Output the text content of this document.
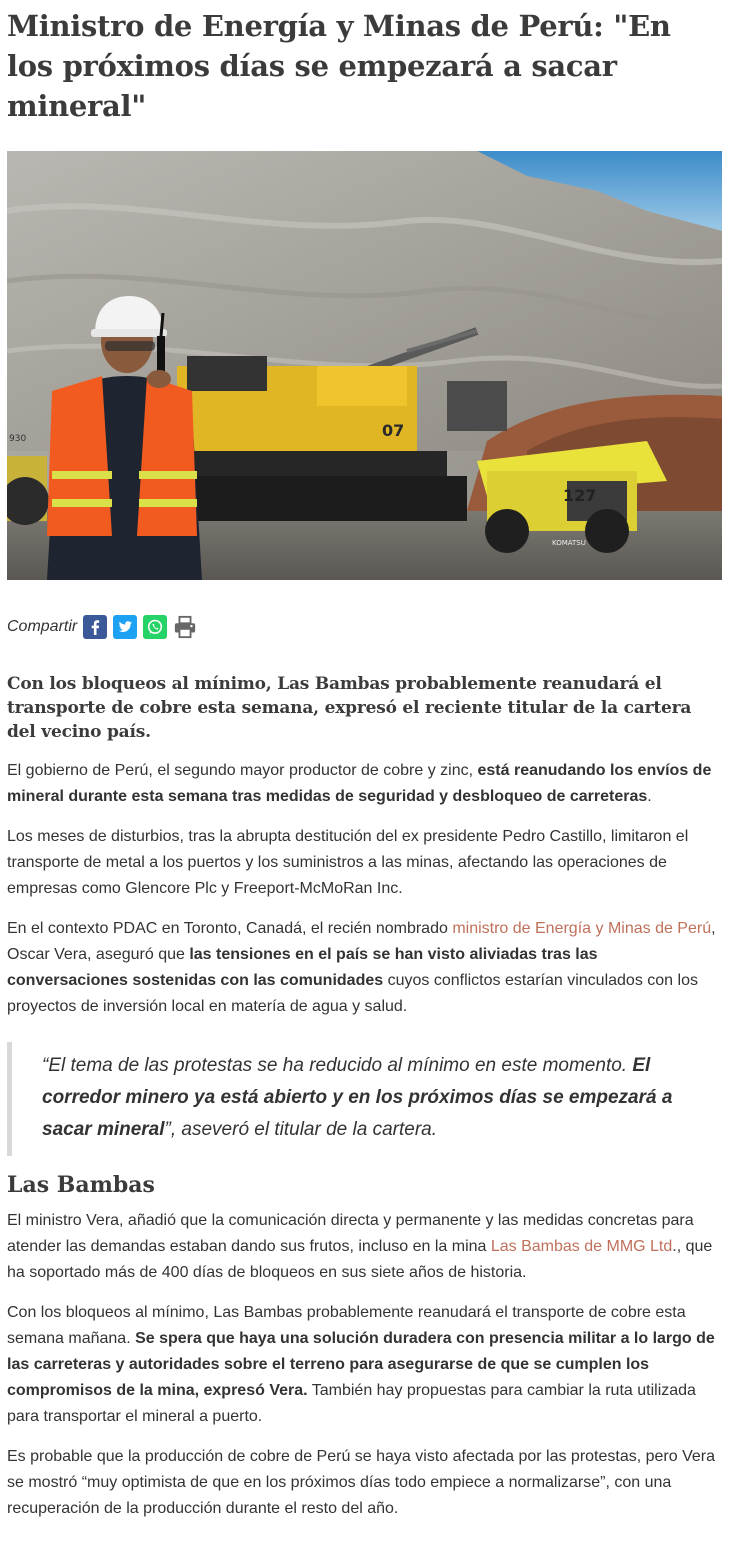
Ministro de Energía y Minas de Perú: "En los próximos días se empezará a sacar mineral"
930	07
127
KOMATSU
Compartir

Con los bloqueos al mínimo, Las Bambas probablemente reanudará el transporte de cobre esta semana, expresó el reciente titular de la cartera del vecino país.

El gobierno de Perú, el segundo mayor productor de cobre y zinc, está reanudando los envíos de mineral durante esta semana tras medidas de seguridad y desbloqueo de carreteras.

Los meses de disturbios, tras la abrupta destitución del ex presidente Pedro Castillo, limitaron el transporte de metal a los puertos y los suministros a las minas, afectando las operaciones de empresas como Glencore Plc y Freeport-McMoRan Inc.

En el contexto PDAC en Toronto, Canadá, el recién nombrado ministro de Energía y Minas de Perú, Oscar Vera, aseguró que las tensiones en el país se han visto aliviadas tras las conversaciones sostenidas con las comunidades cuyos conflictos estarían vinculados con los proyectos de inversión local en matería de agua y salud.

“El tema de las protestas se ha reducido al mínimo en este momento. El corredor minero ya está abierto y en los próximos días se empezará a sacar mineral”, aseveró el titular de la cartera.
Las Bambas

El ministro Vera, añadió que la comunicación directa y permanente y las medidas concretas para atender las demandas estaban dando sus frutos, incluso en la mina Las Bambas de MMG Ltd., que ha soportado más de 400 días de bloqueos en sus siete años de historia.

Con los bloqueos al mínimo, Las Bambas probablemente reanudará el transporte de cobre esta semana mañana. Se spera que haya una solución duradera con presencia militar a lo largo de las carreteras y autoridades sobre el terreno para asegurarse de que se cumplen los compromisos de la mina, expresó Vera. También hay propuestas para cambiar la ruta utilizada para transportar el mineral a puerto.

Es probable que la producción de cobre de Perú se haya visto afectada por las protestas, pero Vera se mostró “muy optimista de que en los próximos días todo empiece a normalizarse”, con una recuperación de la producción durante el resto del año.
